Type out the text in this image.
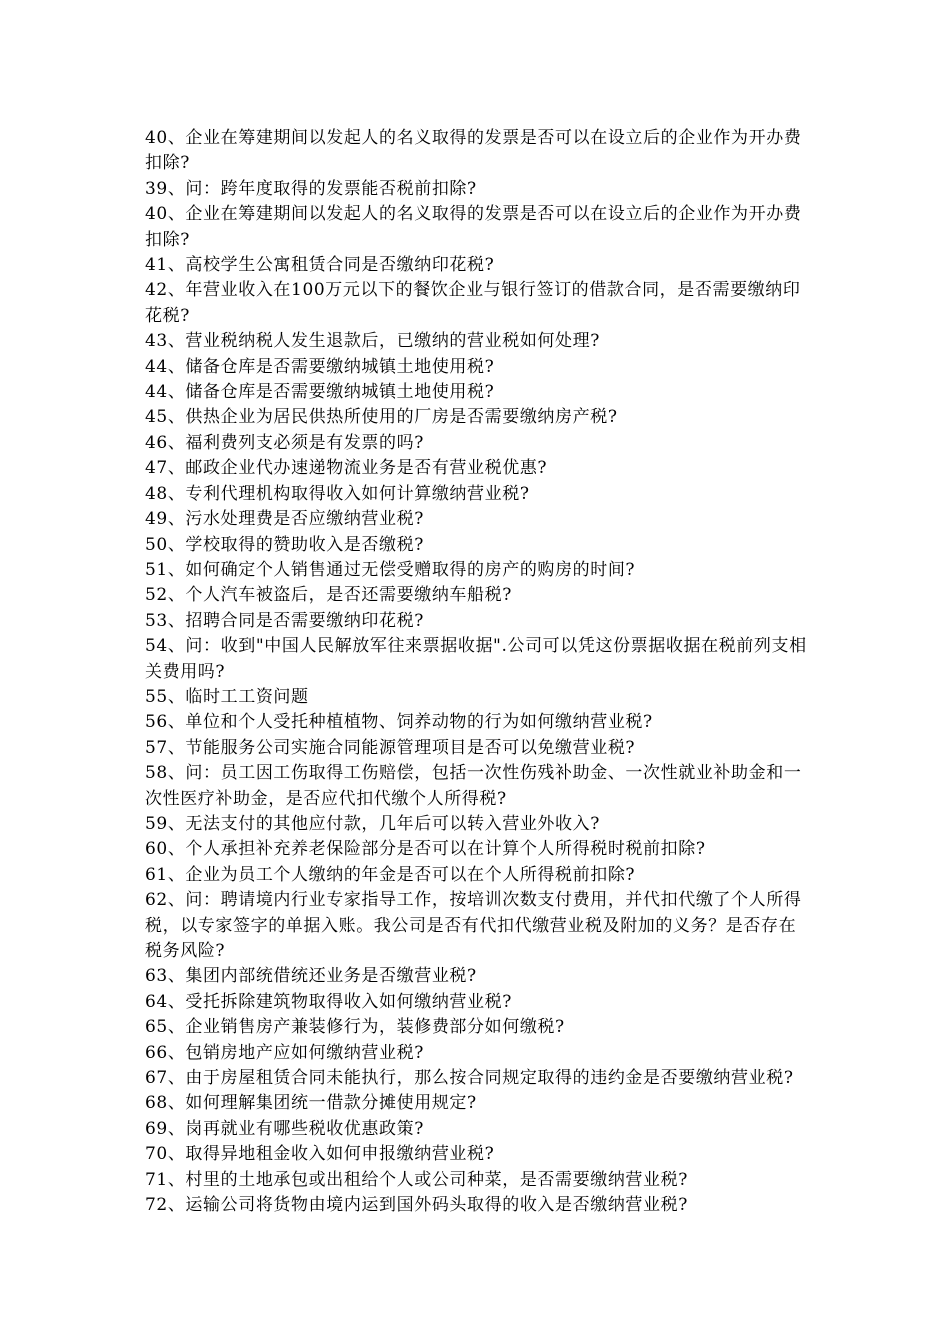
40、企业在筹建期间以发起人的名义取得的发票是否可以在设立后的企业作为开办费扣除?

39、问：跨年度取得的发票能否税前扣除?

40、企业在筹建期间以发起人的名义取得的发票是否可以在设立后的企业作为开办费扣除?

41、高校学生公寓租赁合同是否缴纳印花税?

42、年营业收入在100万元以下的餐饮企业与银行签订的借款合同，是否需要缴纳印花税?

43、营业税纳税人发生退款后，已缴纳的营业税如何处理?

44、储备仓库是否需要缴纳城镇土地使用税?

44、储备仓库是否需要缴纳城镇土地使用税?

45、供热企业为居民供热所使用的厂房是否需要缴纳房产税?

46、福利费列支必须是有发票的吗?

47、邮政企业代办速递物流业务是否有营业税优惠?

48、专利代理机构取得收入如何计算缴纳营业税?

49、污水处理费是否应缴纳营业税?

50、学校取得的赞助收入是否缴税?

51、如何确定个人销售通过无偿受赠取得的房产的购房的时间?

52、个人汽车被盗后，是否还需要缴纳车船税?

53、招聘合同是否需要缴纳印花税?

54、问：收到"中国人民解放军往来票据收据".公司可以凭这份票据收据在税前列支相关费用吗?

55、临时工工资问题

56、单位和个人受托种植植物、饲养动物的行为如何缴纳营业税?

57、节能服务公司实施合同能源管理项目是否可以免缴营业税?

58、问：员工因工伤取得工伤赔偿，包括一次性伤残补助金、一次性就业补助金和一次性医疗补助金，是否应代扣代缴个人所得税?

59、无法支付的其他应付款，几年后可以转入营业外收入?

60、个人承担补充养老保险部分是否可以在计算个人所得税时税前扣除?

61、企业为员工个人缴纳的年金是否可以在个人所得税前扣除?

62、问：聘请境内行业专家指导工作，按培训次数支付费用，并代扣代缴了个人所得税，以专家签字的单据入账。我公司是否有代扣代缴营业税及附加的义务？是否存在税务风险?

63、集团内部统借统还业务是否缴营业税?

64、受托拆除建筑物取得收入如何缴纳营业税?

65、企业销售房产兼装修行为，装修费部分如何缴税?

66、包销房地产应如何缴纳营业税?

67、由于房屋租赁合同未能执行，那么按合同规定取得的违约金是否要缴纳营业税?

68、如何理解集团统一借款分摊使用规定?

69、岗再就业有哪些税收优惠政策?

70、取得异地租金收入如何申报缴纳营业税?

71、村里的土地承包或出租给个人或公司种菜，是否需要缴纳营业税?

72、运输公司将货物由境内运到国外码头取得的收入是否缴纳营业税?
